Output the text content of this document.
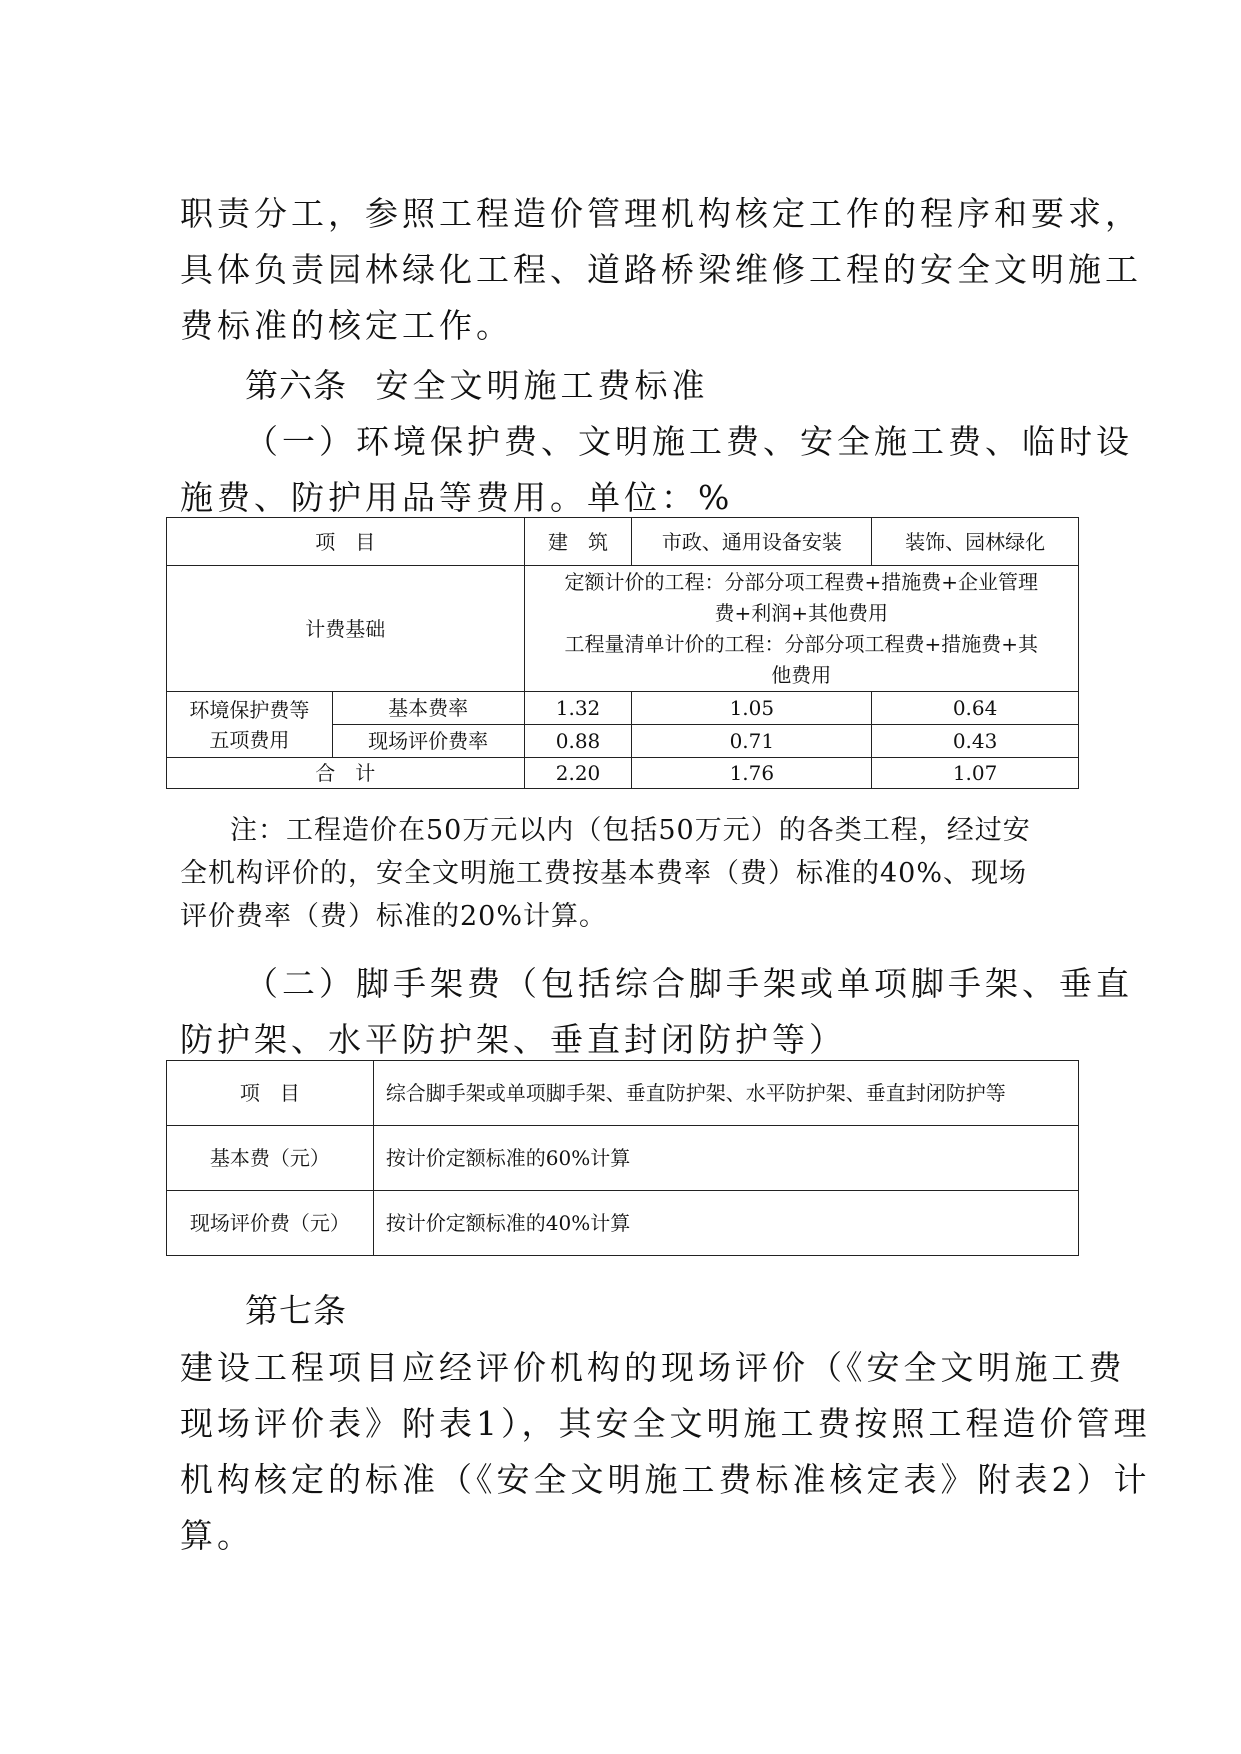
职责分工，参照工程造价管理机构核定工作的程序和要求，
具体负责园林绿化工程、道路桥梁维修工程的安全文明施工
费标准的核定工作。
第六条 安全文明施工费标准
（一）环境保护费、文明施工费、安全施工费、临时设
施费、防护用品等费用。单位：%
项　目		建　筑	市政、通用设备安装	装饰、园林绿化
计费基础		定额计价的工程：分部分项工程费+措施费+企业管理
费+利润+其他费用
工程量清单计价的工程：分部分项工程费+措施费+其
他费用		

环境保护费等
五项费用	基本费率	1.32	1.05	0.64
	现场评价费率	0.88	0.71	0.43
合　计		2.20	1.76	1.07
注：工程造价在50万元以内（包括50万元）的各类工程，经过安
全机构评价的，安全文明施工费按基本费率（费）标准的40%、现场
评价费率（费）标准的20%计算。
（二）脚手架费（包括综合脚手架或单项脚手架、垂直
防护架、水平防护架、垂直封闭防护等）
项　目	综合脚手架或单项脚手架、垂直防护架、水平防护架、垂直封闭防护等
基本费（元）	按计价定额标准的60%计算
现场评价费（元）	按计价定额标准的40%计算
第七条
建设工程项目应经评价机构的现场评价（《安全文明施工费
现场评价表》附表1），其安全文明施工费按照工程造价管理
机构核定的标准（《安全文明施工费标准核定表》附表2）计
算。
